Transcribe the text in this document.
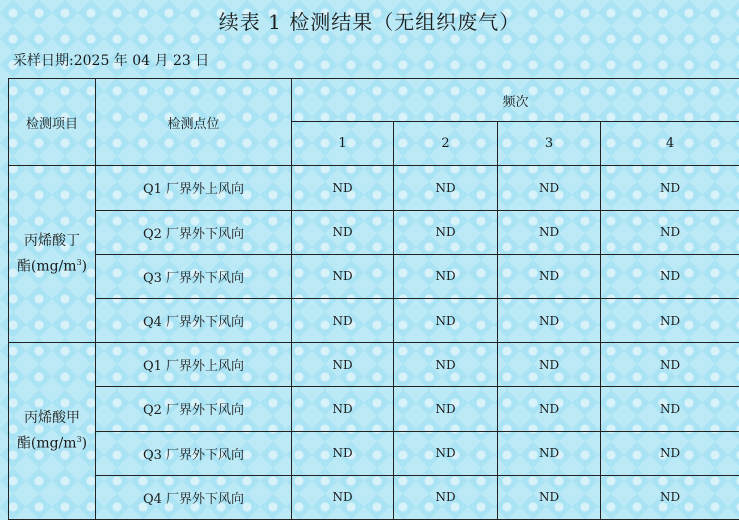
续表 1 检测结果（无组织废气）
采样日期:2025 年 04 月 23 日
检测项目	检测点位	频次			
		1	2	3	4

丙烯酸丁
酯$(mg/m^3)$	Q1 厂界外上风向	ND	ND	ND	ND
	Q2 厂界外下风向	ND	ND	ND	ND
	Q3 厂界外下风向	ND	ND	ND	ND
	Q4 厂界外下风向	ND	ND	ND	ND

丙烯酸甲
酯$(mg/m^3)$	Q1 厂界外上风向	ND	ND	ND	ND
	Q2 厂界外下风向	ND	ND	ND	ND
	Q3 厂界外下风向	ND	ND	ND	ND
	Q4 厂界外下风向	ND	ND	ND	ND
